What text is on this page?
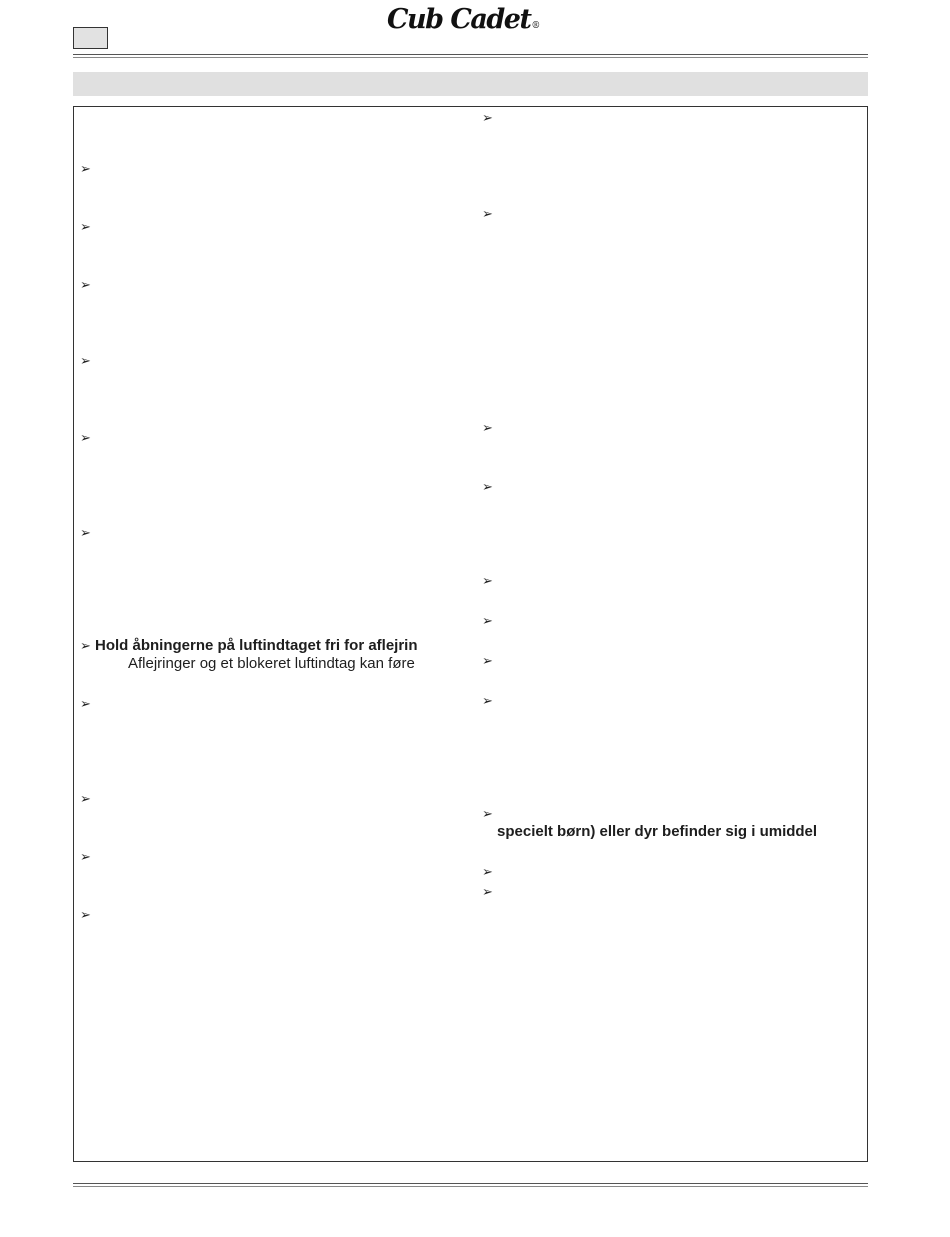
Cub Cadet®
➢
➢
➢
➢
➢
➢
➢ Hold åbningerne på luftindtaget fri for aflejrin
Aflejringer og et blokeret luftindtag kan føre
➢
➢
➢
➢
➢
➢
➢
➢
➢
➢
➢
➢
➢
specielt børn) eller dyr befinder sig i umiddel
➢
➢
